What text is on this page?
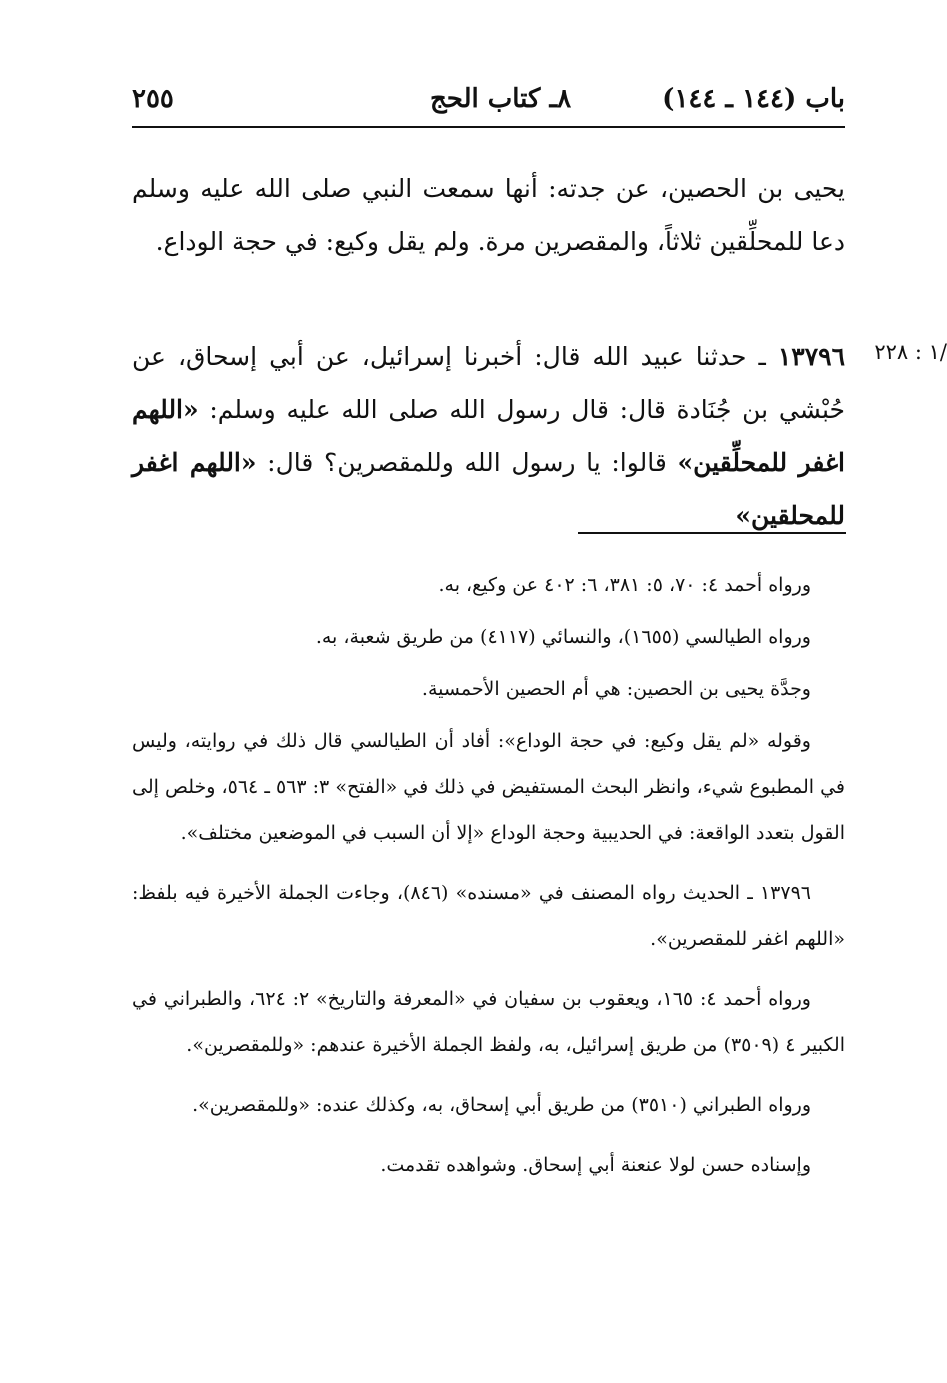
٢٥٥	٨ـ كتاب الحج	باب (١٤٤ ـ ١٤٤)

يحيى بن الحصين، عن جدته: أنها سمعت النبي صلى الله عليه وسلم دعا للمحلِّقين ثلاثاً، والمقصرين مرة. ولم يقل وكيع: في حجة الوداع.

١٣٧٩٦ ـ حدثنا عبيد الله قال: أخبرنا إسرائيل، عن أبي إسحاق، عن حُبْشي بن جُنَادة قال: قال رسول الله صلى الله عليه وسلم: «اللهم اغفر للمحلِّقين» قالوا: يا رسول الله وللمقصرين؟ قال: «اللهم اغفر للمحلقين»

/١ : ٢٢٨

ورواه أحمد ٤: ٧٠، ٥: ٣٨١، ٦: ٤٠٢ عن وكيع، به.

ورواه الطيالسي (١٦٥٥)، والنسائي (٤١١٧) من طريق شعبة، به.

وجدَّة يحيى بن الحصين: هي أم الحصين الأحمسية.

وقوله «لم يقل وكيع: في حجة الوداع»: أفاد أن الطيالسي قال ذلك في روايته، وليس في المطبوع شيء، وانظر البحث المستفيض في ذلك في «الفتح» ٣: ٥٦٣ ـ ٥٦٤، وخلص إلى القول بتعدد الواقعة: في الحديبية وحجة الوداع «إلا أن السبب في الموضعين مختلف».

١٣٧٩٦ ـ الحديث رواه المصنف في «مسنده» (٨٤٦)، وجاءت الجملة الأخيرة فيه بلفظ: «اللهم اغفر للمقصرين».

ورواه أحمد ٤: ١٦٥، ويعقوب بن سفيان في «المعرفة والتاريخ» ٢: ٦٢٤، والطبراني في الكبير ٤ (٣٥٠٩) من طريق إسرائيل، به، ولفظ الجملة الأخيرة عندهم: «وللمقصرين».

ورواه الطبراني (٣٥١٠) من طريق أبي إسحاق، به، وكذلك عنده: «وللمقصرين».

وإسناده حسن لولا عنعنة أبي إسحاق. وشواهده تقدمت.
